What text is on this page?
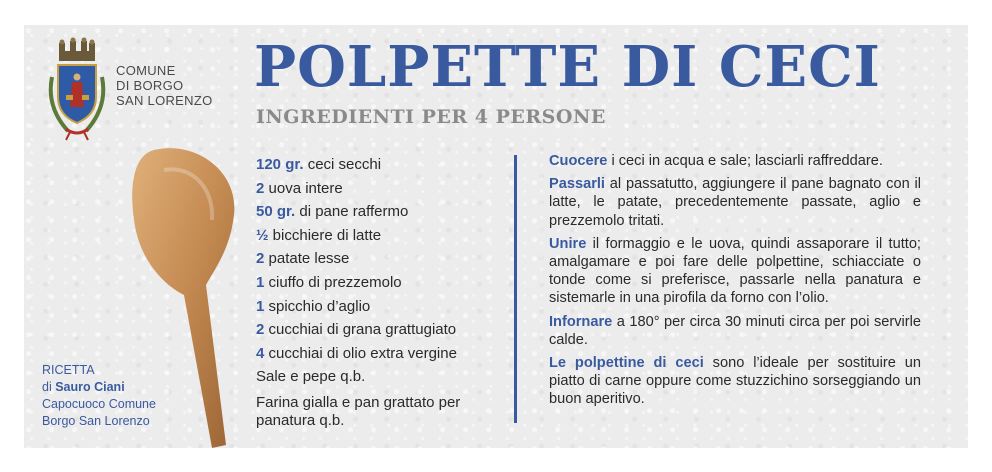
COMUNE
DI BORGO
SAN LORENZO
POLPETTE DI CECI
INGREDIENTI PER 4 PERSONE
RICETTA
di Sauro Ciani
Capocuoco Comune
Borgo San Lorenzo
120 gr. ceci secchi
2 uova intere
50 gr. di pane raffermo
½ bicchiere di latte
2 patate lesse
1 ciuffo di prezzemolo
1 spicchio d’aglio
2 cucchiai di grana grattugiato
4 cucchiai di olio extra vergine
Sale e pepe q.b.
Farina gialla e pan grattato per panatura q.b.

Cuocere i ceci in acqua e sale; lasciarli raffreddare.

Passarli al passatutto, aggiungere il pane bagnato con il latte, le patate, precedentemente passate, aglio e prezzemolo tritati.

Unire il formaggio e le uova, quindi assaporare il tutto; amalgamare e poi fare delle polpettine, schiacciate o tonde come si preferisce, passarle nella panatura e sistemarle in una pirofila da forno con l’olio.

Infornare a 180° per circa 30 minuti circa per poi servirle calde.

Le polpettine di ceci sono l’ideale per sostituire un piatto di carne oppure come stuzzichino sorseggiando un buon aperitivo.
